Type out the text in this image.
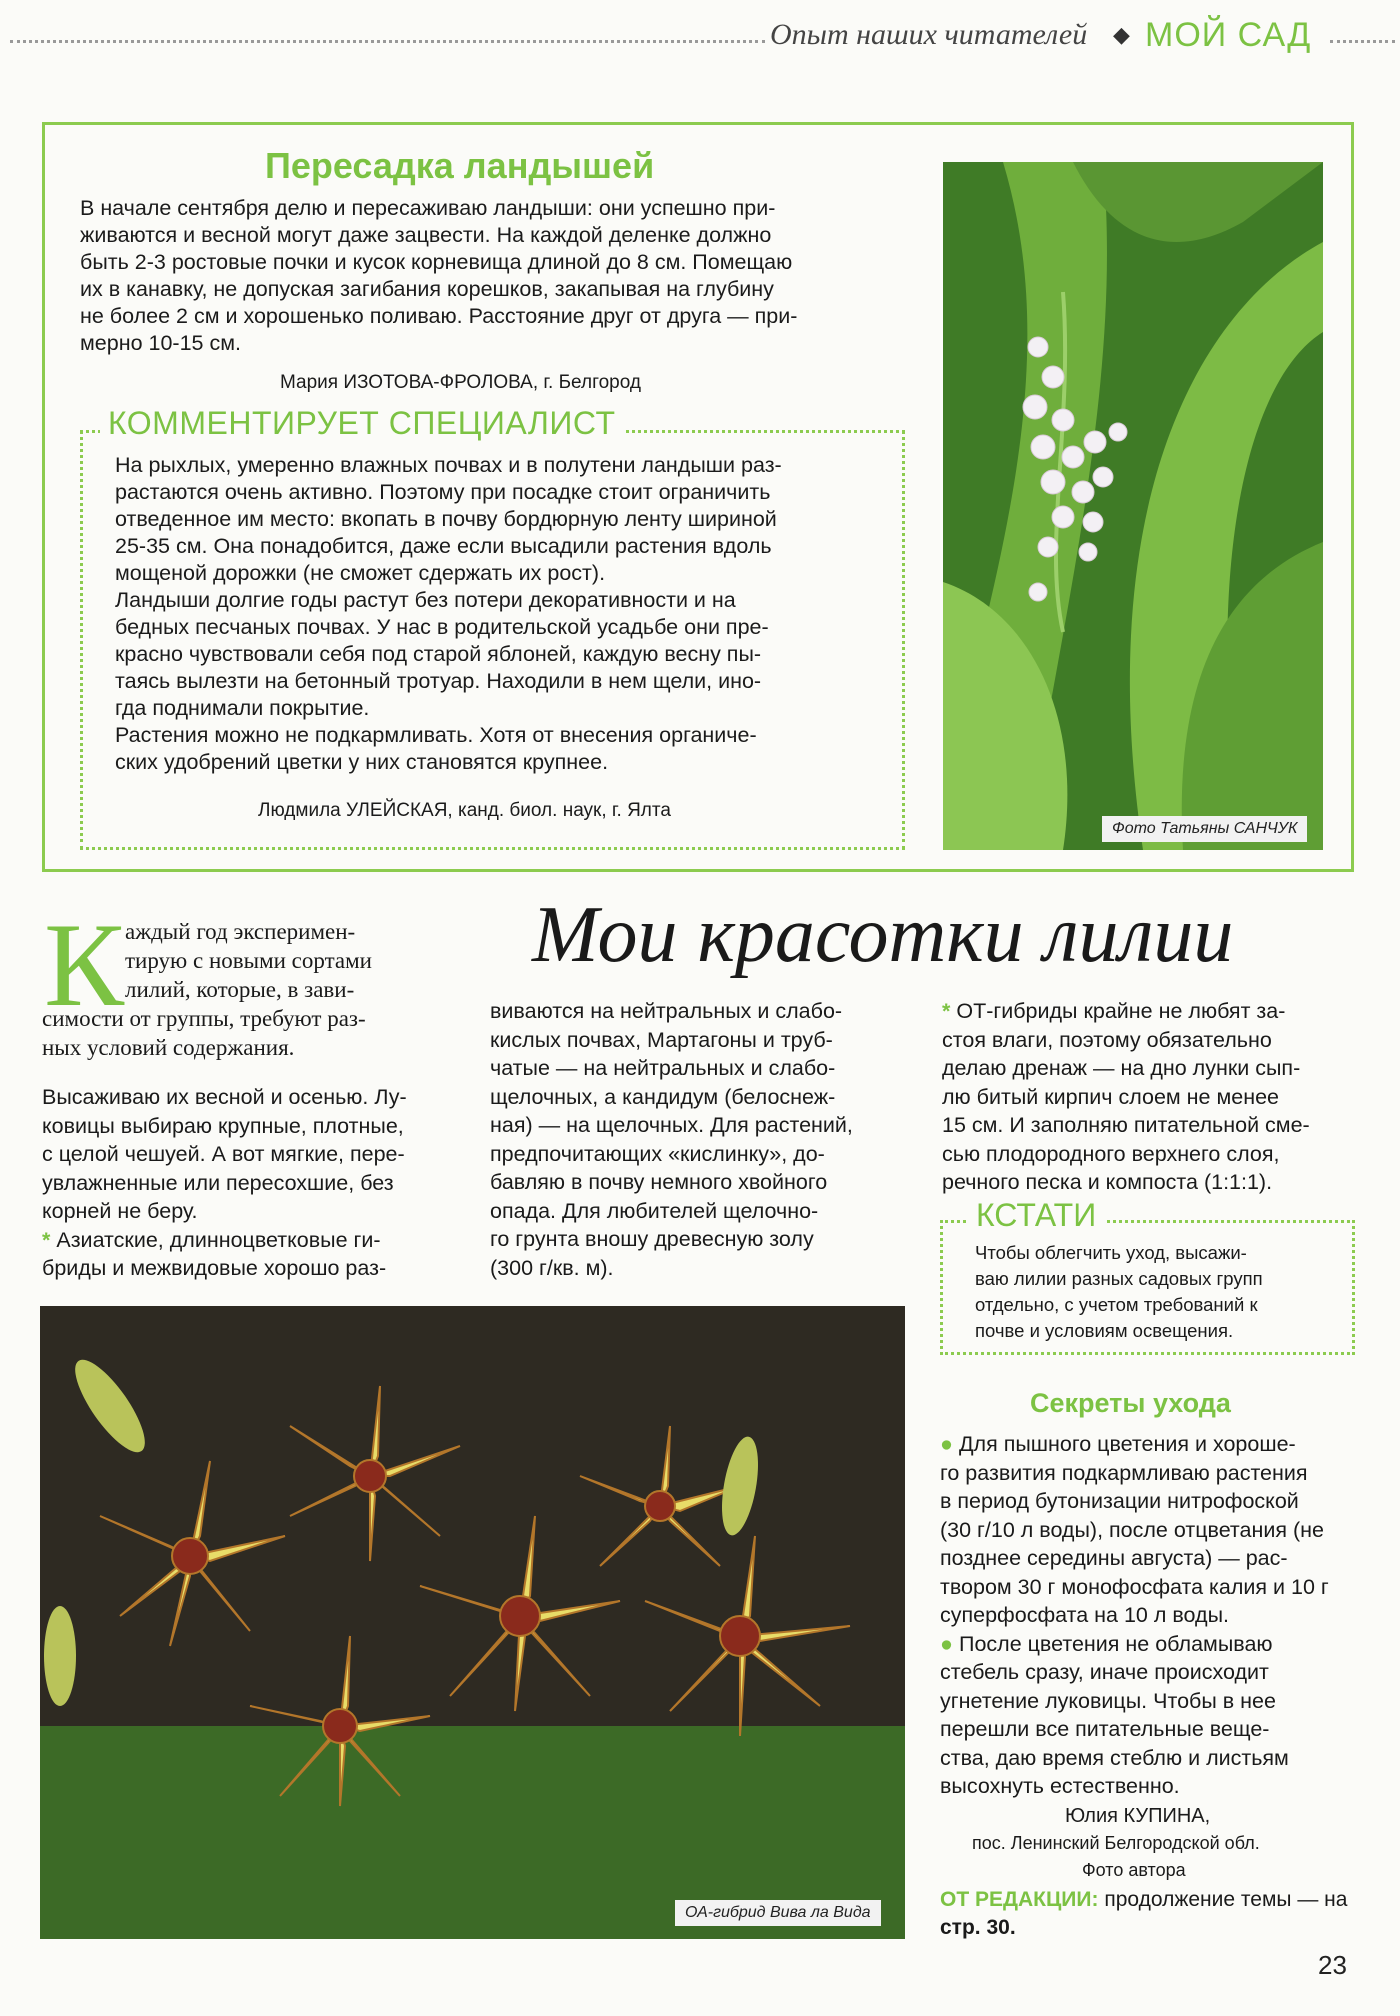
Опыт наших читателей ◆ МОЙ САД
Пересадка ландышей
В начале сентября делю и пересаживаю ландыши: они успешно при-
живаются и весной могут даже зацвести. На каждой деленке должно
быть 2-3 ростовые почки и кусок корневища длиной до 8 см. Помещаю
их в канавку, не допуская загибания корешков, закапывая на глубину
не более 2 см и хорошенько поливаю. Расстояние друг от друга — при-
мерно 10-15 см.
Мария ИЗОТОВА-ФРОЛОВА, г. Белгород
КОММЕНТИРУЕТ СПЕЦИАЛИСТ
На рыхлых, умеренно влажных почвах и в полутени ландыши раз-
растаются очень активно. Поэтому при посадке стоит ограничить
отведенное им место: вкопать в почву бордюрную ленту шириной
25-35 см. Она понадобится, даже если высадили растения вдоль
мощеной дорожки (не сможет сдержать их рост).
Ландыши долгие годы растут без потери декоративности и на
бедных песчаных почвах. У нас в родительской усадьбе они пре-
красно чувствовали себя под старой яблоней, каждую весну пы-
таясь вылезти на бетонный тротуар. Находили в нем щели, ино-
гда поднимали покрытие.
Растения можно не подкармливать. Хотя от внесения органиче-
ских удобрений цветки у них становятся крупнее.
Людмила УЛЕЙСКАЯ, канд. биол. наук, г. Ялта
Фото Татьяны САНЧУК
К	Мои красотки лилии
аждый год эксперимен-
тирую с новыми сортами
лилий, которые, в зави-
симости от группы, требуют раз-
ных условий содержания.
Высаживаю их весной и осенью. Лу-
ковицы выбираю крупные, плотные,
с целой чешуей. А вот мягкие, пере-
увлажненные или пересохшие, без
корней не беру.
* Азиатские, длинноцветковые ги-
бриды и межвидовые хорошо раз-
виваются на нейтральных и слабо-
кислых почвах, Мартагоны и труб-
чатые — на нейтральных и слабо-
щелочных, а кандидум (белоснеж-
ная) — на щелочных. Для растений,
предпочитающих «кислинку», до-
бавляю в почву немного хвойного
опада. Для любителей щелочно-
го грунта вношу древесную золу
(300 г/кв. м).
* ОТ-гибриды крайне не любят за-
стоя влаги, поэтому обязательно
делаю дренаж — на дно лунки сып-
лю битый кирпич слоем не менее
15 см. И заполняю питательной сме-
сью плодородного верхнего слоя,
речного песка и компоста (1:1:1).
КСТАТИ
Чтобы облегчить уход, высажи-
ваю лилии разных садовых групп
отдельно, с учетом требований к
почве и условиям освещения.
Секреты ухода
● Для пышного цветения и хороше-
го развития подкармливаю растения
в период бутонизации нитрофоской
(30 г/10 л воды), после отцветания (не
позднее середины августа) — рас-
твором 30 г монофосфата калия и 10 г
суперфосфата на 10 л воды.
● После цветения не обламываю
стебель сразу, иначе происходит
угнетение луковицы. Чтобы в нее
перешли все питательные веще-
ства, даю время стеблю и листьям
высохнуть естественно.
Юлия КУПИНА,
пос. Ленинский Белгородской обл.
Фото автора
ОТ РЕДАКЦИИ: продолжение темы — на
стр. 30.
ОА-гибрид Вива ла Вида
23
